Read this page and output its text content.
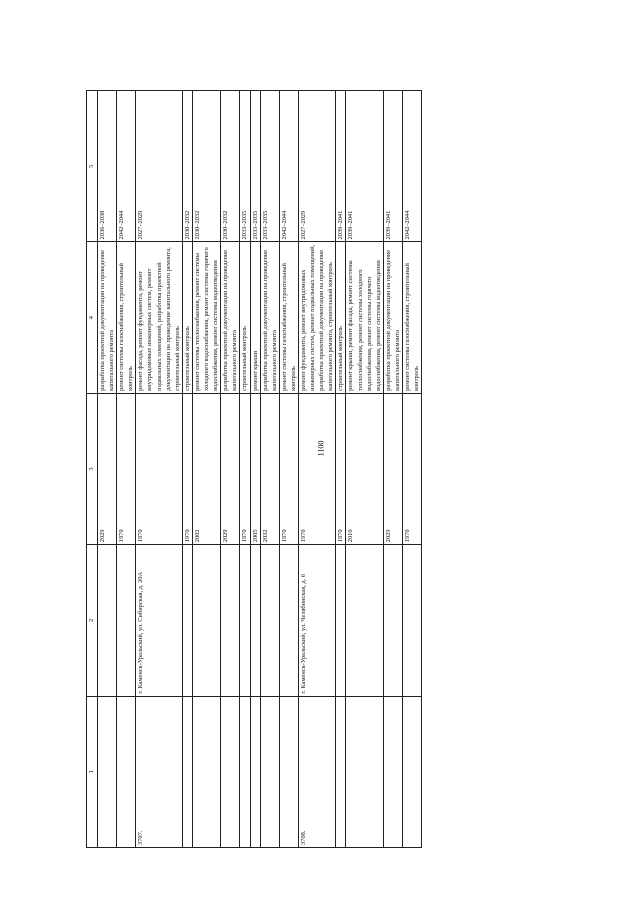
1100
1	2	3	4	5
		2029	разработка проектной документации на проведение капитального ремонта	2036–2038
		1970	ремонт системы газоснабжения, строительный контроль	2042–2044
3707.	г. Каменск-Уральский, ул. Сибирская, д. 20А	1970	ремонт фасада, ремонт фундамента, ремонт внутридомовых инженерных систем, ремонт подвальных помещений, разработка проектной документации на проведение капитального ремонта, строительный контроль	2027–2029
		1970	строительный контроль	2030–2032
		2002	ремонт системы теплоснабжения, ремонт системы холодного водоснабжения, ремонт системы горячего водоснабжения, ремонт системы водоотведения	2030–2032
		2029	разработка проектной документации на проведение капитального ремонта	2030–2032
		1970	строительный контроль	2033–2035
		2005	ремонт крыши	2033–2035
		2032	разработка проектной документации на проведение капитального ремонта	2033–2035
		1970	ремонт системы газоснабжения, строительный контроль	2042–2044
3708.	г. Каменск-Уральский, ул. Челябинская, д. 6	1970	ремонт фундамента, ремонт внутридомовых инженерных систем, ремонт подвальных помещений, разработка проектной документации на проведение капитального ремонта, строительный контроль	2027–2029
		1970	строительный контроль	2039–2041
		2010	ремонт крыши, ремонт фасада, ремонт системы теплоснабжения, ремонт системы холодного водоснабжения, ремонт системы горячего водоснабжения, ремонт системы водоотведения	2039–2041
		2029	разработка проектной документации на проведение капитального ремонта	2039–2041
		1970	ремонт системы газоснабжения, строительный контроль	2042–2044
